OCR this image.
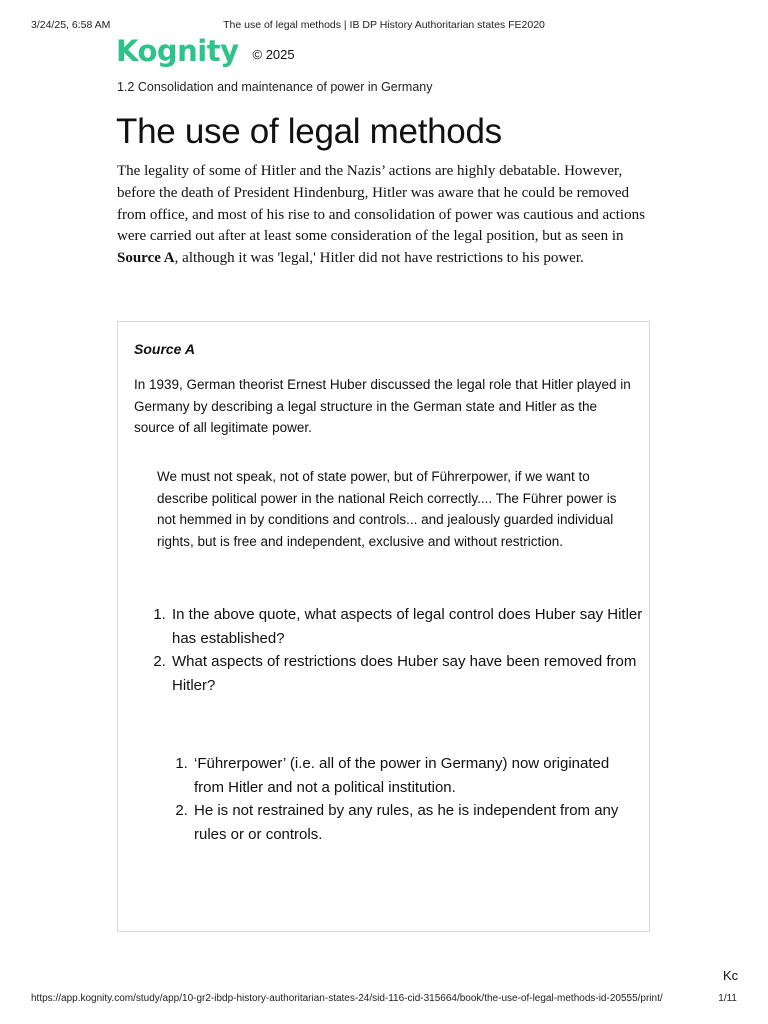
3/24/25, 6:58 AM	The use of legal methods | IB DP History Authoritarian states FE2020
Kognity © 2025
1.2 Consolidation and maintenance of power in Germany
The use of legal methods

The legality of some of Hitler and the Nazis’ actions are highly debatable. However, before the death of President Hindenburg, Hitler was aware that he could be removed from office, and most of his rise to and consolidation of power was cautious and actions were carried out after at least some consideration of the legal position, but as seen in Source A, although it was 'legal,' Hitler did not have restrictions to his power.

Source A

In 1939, German theorist Ernest Huber discussed the legal role that Hitler played in Germany by describing a legal structure in the German state and Hitler as the source of all legitimate power.

We must not speak, not of state power, but of Führerpower, if we want to describe political power in the national Reich correctly.... The Führer power is not hemmed in by conditions and controls... and jealously guarded individual rights, but is free and independent, exclusive and without restriction.

1. In the above quote, what aspects of legal control does Huber say Hitler has established?
2. What aspects of restrictions does Huber say have been removed from Hitler?
1. ‘Führerpower’ (i.e. all of the power in Germany) now originated from Hitler and not a political institution.
2. He is not restrained by any rules, as he is independent from any rules or or controls.
Kc
https://app.kognity.com/study/app/10-gr2-ibdp-history-authoritarian-states-24/sid-116-cid-315664/book/the-use-of-legal-methods-id-20555/print/	1/11
